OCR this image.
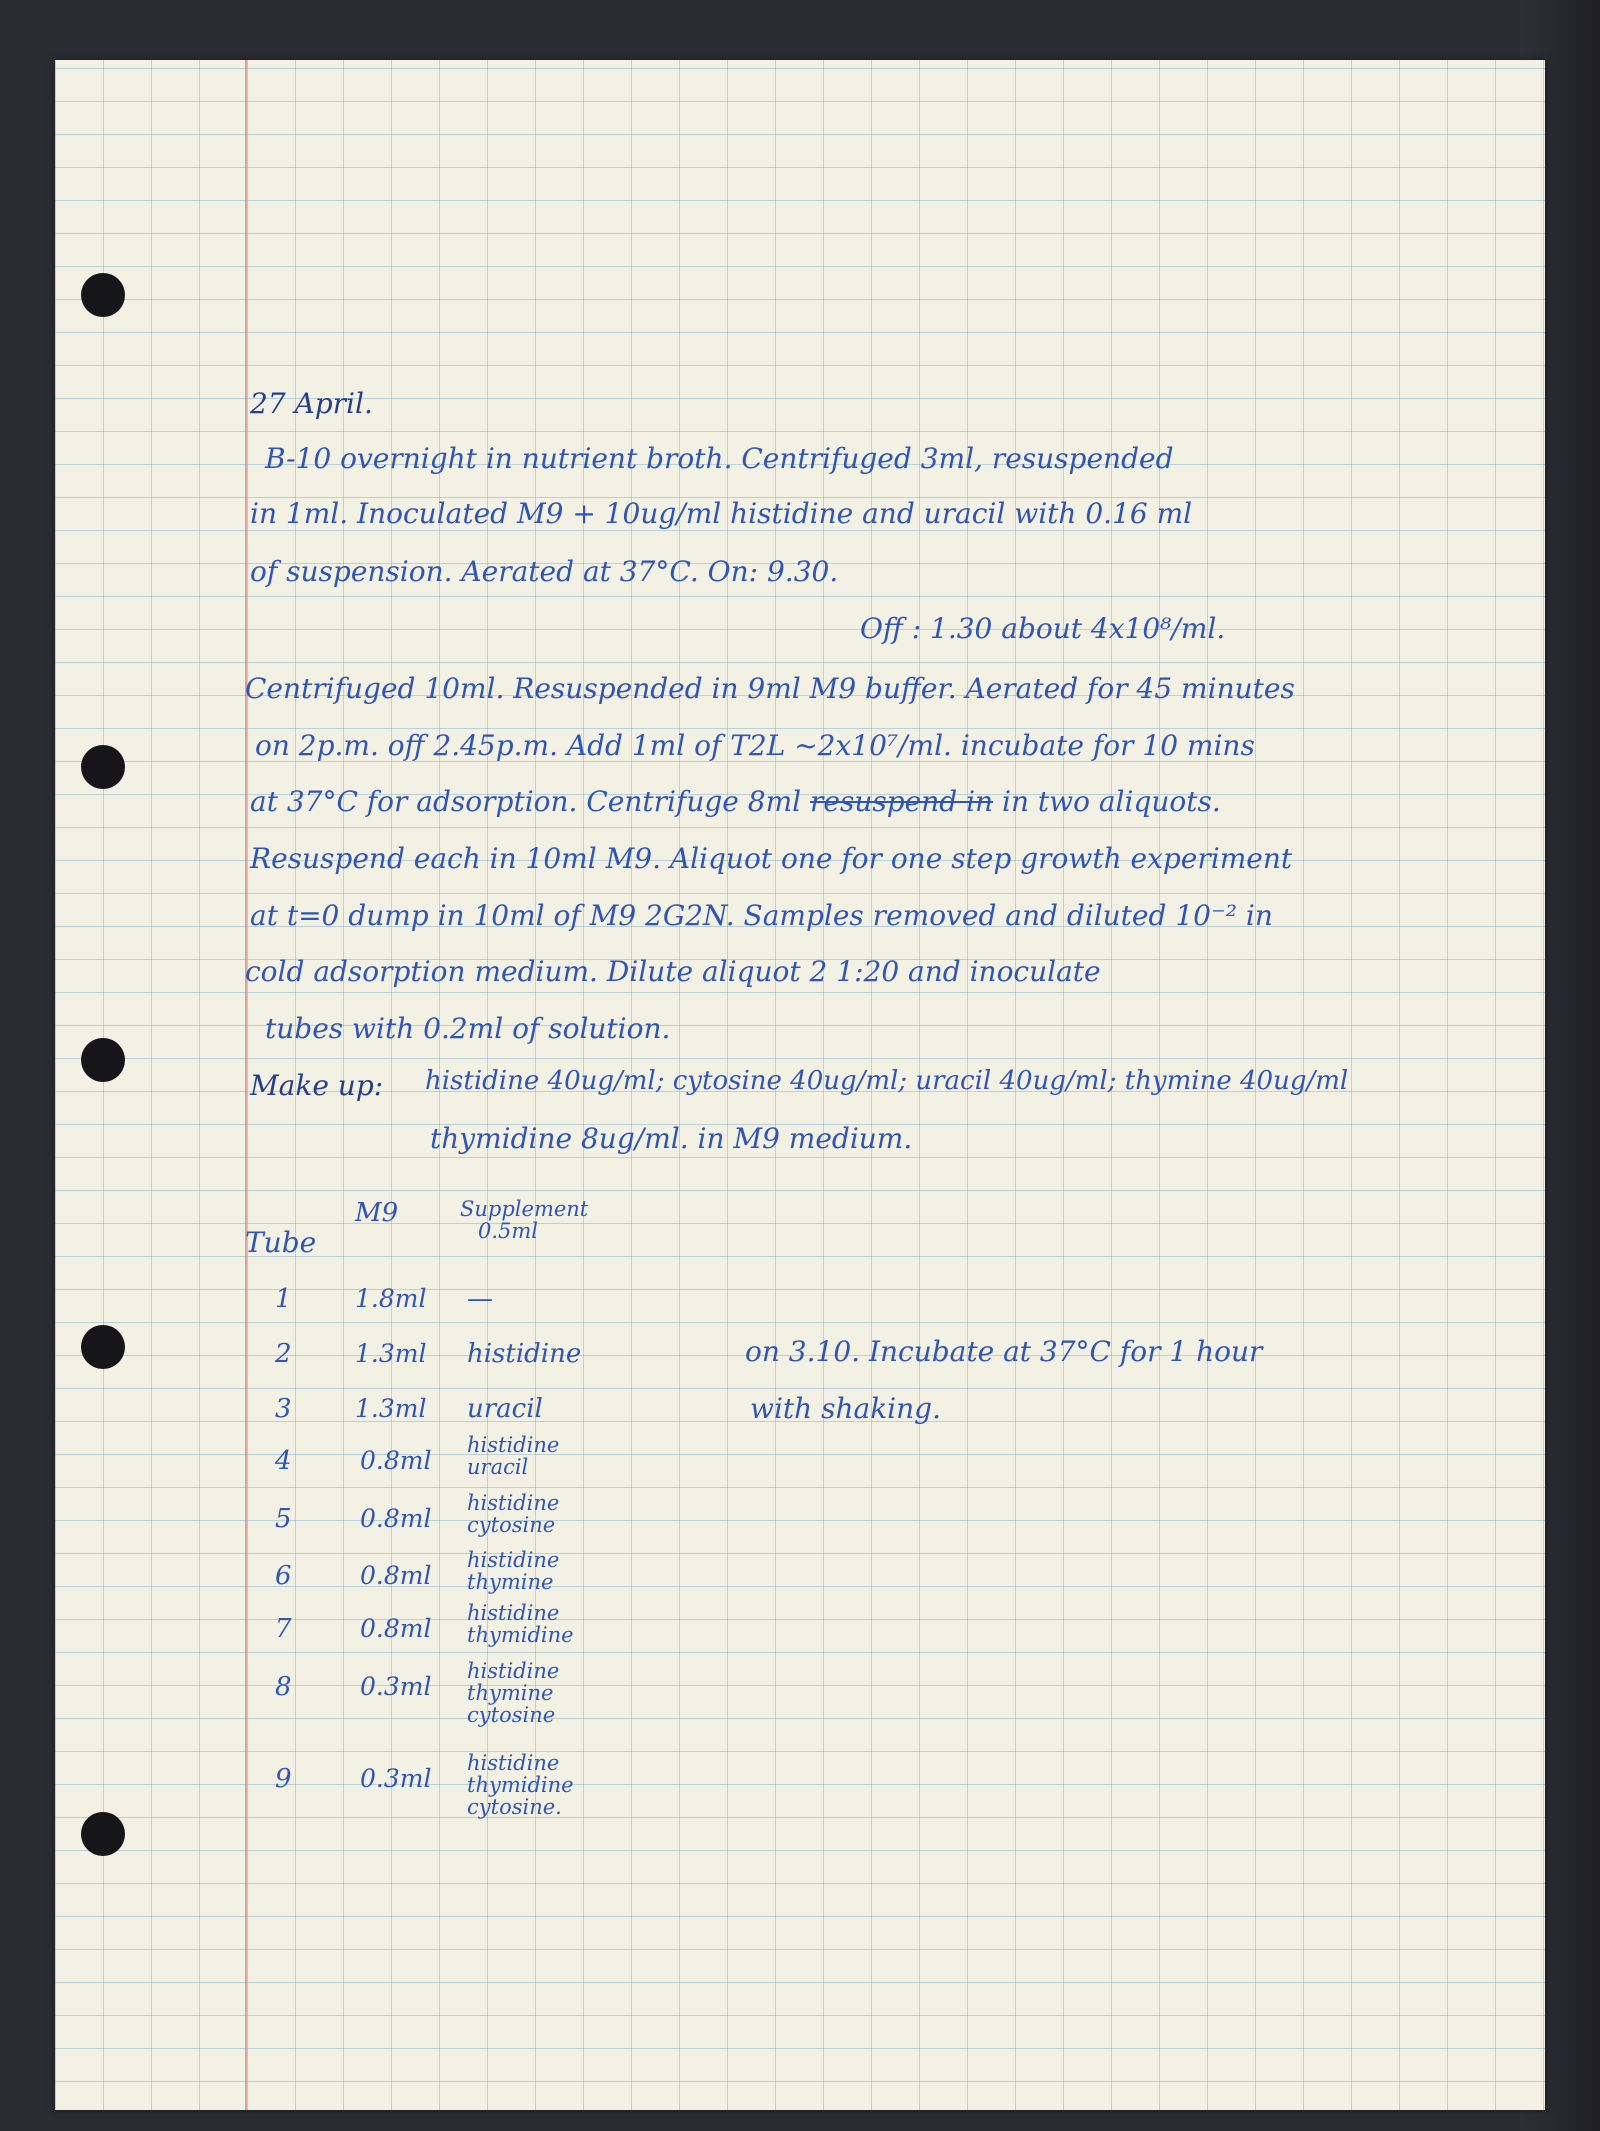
27 April.
B-10 overnight in nutrient broth. Centrifuged 3ml, resuspended
in 1ml. Inoculated M9 + 10ug/ml histidine and uracil with 0.16 ml
of suspension. Aerated at 37°C. On: 9.30.
Off : 1.30 about 4x10⁸/ml.
Centrifuged 10ml. Resuspended in 9ml M9 buffer. Aerated for 45 minutes
on 2p.m. off 2.45p.m. Add 1ml of T2L ~2x10⁷/ml. incubate for 10 mins
at 37°C for adsorption. Centrifuge 8ml resuspend in in two aliquots.
Resuspend each in 10ml M9. Aliquot one for one step growth experiment
at t=0 dump in 10ml of M9 2G2N. Samples removed and diluted 10⁻² in
cold adsorption medium. Dilute aliquot 2 1:20 and inoculate
tubes with 0.2ml of solution.
Make up: histidine 40ug/ml; cytosine 40ug/ml; uracil 40ug/ml; thymine 40ug/ml
thymidine 8ug/ml. in M9 medium.
Tube
M9	Supplement
0.5ml
1	1.8ml —
2	1.3ml histidine
3	1.3ml uracil
4	0.8ml
histidine
uracil
5	0.8ml
histidine
cytosine
6	0.8ml
histidine
thymine
7	0.8ml
histidine
thymidine
8	0.3ml
histidine
thymine
cytosine
9	0.3ml
histidine
thymidine
cytosine.
on 3.10. Incubate at 37°C for 1 hour
with shaking.
